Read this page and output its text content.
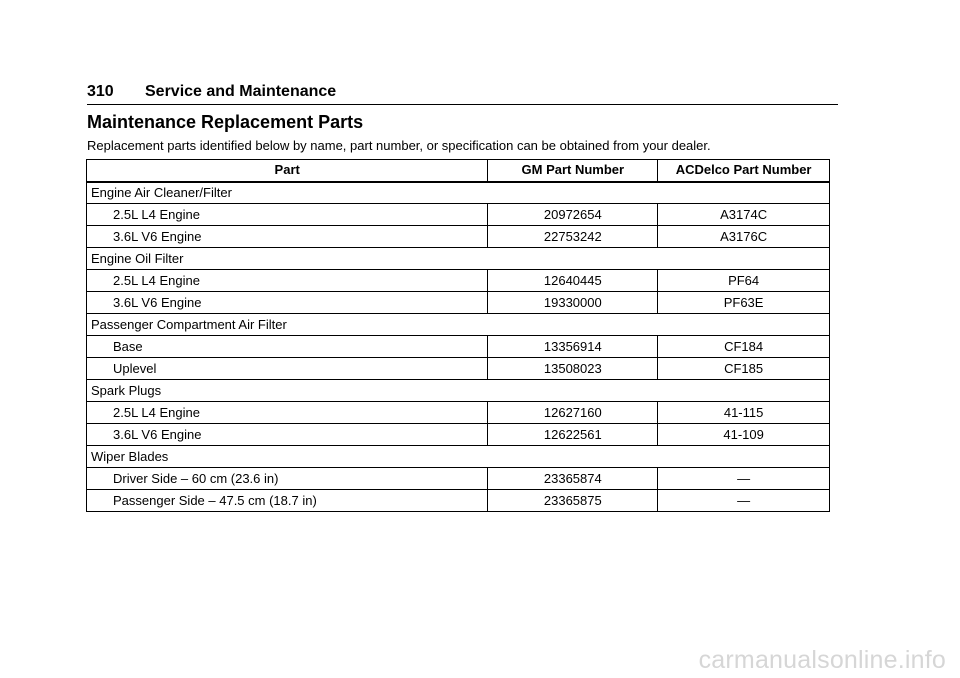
310 Service and Maintenance
Maintenance Replacement Parts

Replacement parts identified below by name, part number, or specification can be obtained from your dealer.

Part	GM Part Number	ACDelco Part Number
Engine Air Cleaner/Filter		
2.5L L4 Engine	20972654	A3174C
3.6L V6 Engine	22753242	A3176C
Engine Oil Filter		
2.5L L4 Engine	12640445	PF64
3.6L V6 Engine	19330000	PF63E
Passenger Compartment Air Filter		
Base	13356914	CF184
Uplevel	13508023	CF185
Spark Plugs		
2.5L L4 Engine	12627160	41-115
3.6L V6 Engine	12622561	41-109
Wiper Blades		
Driver Side – 60 cm (23.6 in)	23365874	—
Passenger Side – 47.5 cm (18.7 in)	23365875	—
carmanualsonline.info
